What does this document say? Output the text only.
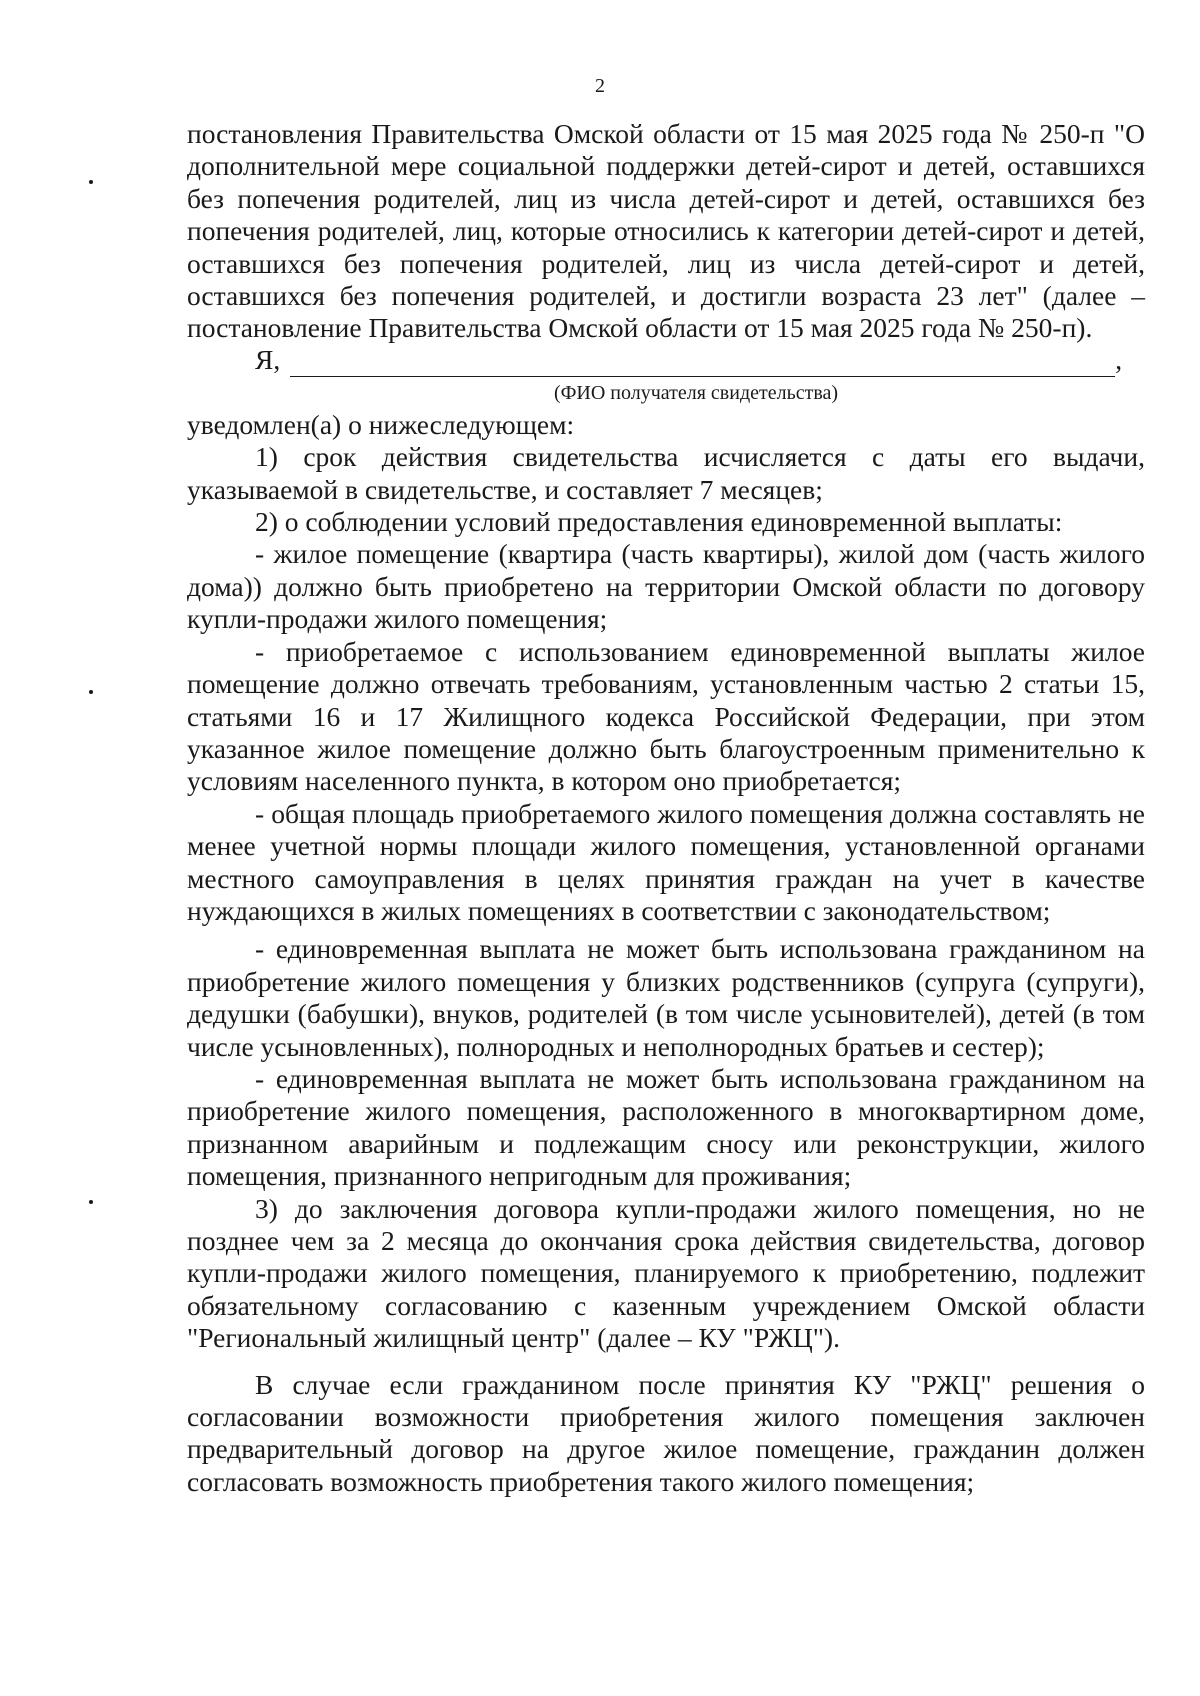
2

постановления Правительства Омской области от 15 мая 2025 года № 250-п "О дополнительной мере социальной поддержки детей-сирот и детей, оставшихся без попечения родителей, лиц из числа детей-сирот и детей, оставшихся без попечения родителей, лиц, которые относились к категории детей-сирот и детей, оставшихся без попечения родителей, лиц из числа детей-сирот и детей, оставшихся без попечения родителей, и достигли возраста 23 лет" (далее – постановление Правительства Омской области от 15 мая 2025 года № 250-п).

Я,	,
(ФИО получателя свидетельства)

уведомлен(а) о нижеследующем:

1) срок действия свидетельства исчисляется с даты его выдачи, указываемой в свидетельстве, и составляет 7 месяцев;

2) о соблюдении условий предоставления единовременной выплаты:

- жилое помещение (квартира (часть квартиры), жилой дом (часть жилого дома)) должно быть приобретено на территории Омской области по договору купли-продажи жилого помещения;

- приобретаемое с использованием единовременной выплаты жилое помещение должно отвечать требованиям, установленным частью 2 статьи 15, статьями 16 и 17 Жилищного кодекса Российской Федерации, при этом указанное жилое помещение должно быть благоустроенным применительно к условиям населенного пункта, в котором оно приобретается;

- общая площадь приобретаемого жилого помещения должна составлять не менее учетной нормы площади жилого помещения, установленной органами местного самоуправления в целях принятия граждан на учет в качестве нуждающихся в жилых помещениях в соответствии с законодательством;

- единовременная выплата не может быть использована гражданином на приобретение жилого помещения у близких родственников (супруга (супруги), дедушки (бабушки), внуков, родителей (в том числе усыновителей), детей (в том числе усыновленных), полнородных и неполнородных братьев и сестер);

- единовременная выплата не может быть использована гражданином на приобретение жилого помещения, расположенного в многоквартирном доме, признанном аварийным и подлежащим сносу или реконструкции, жилого помещения, признанного непригодным для проживания;

3) до заключения договора купли-продажи жилого помещения, но не позднее чем за 2 месяца до окончания срока действия свидетельства, договор купли-продажи жилого помещения, планируемого к приобретению, подлежит обязательному согласованию с казенным учреждением Омской области "Региональный жилищный центр" (далее – КУ "РЖЦ").

В случае если гражданином после принятия КУ "РЖЦ" решения о согласовании возможности приобретения жилого помещения заключен предварительный договор на другое жилое помещение, гражданин должен согласовать возможность приобретения такого жилого помещения;
